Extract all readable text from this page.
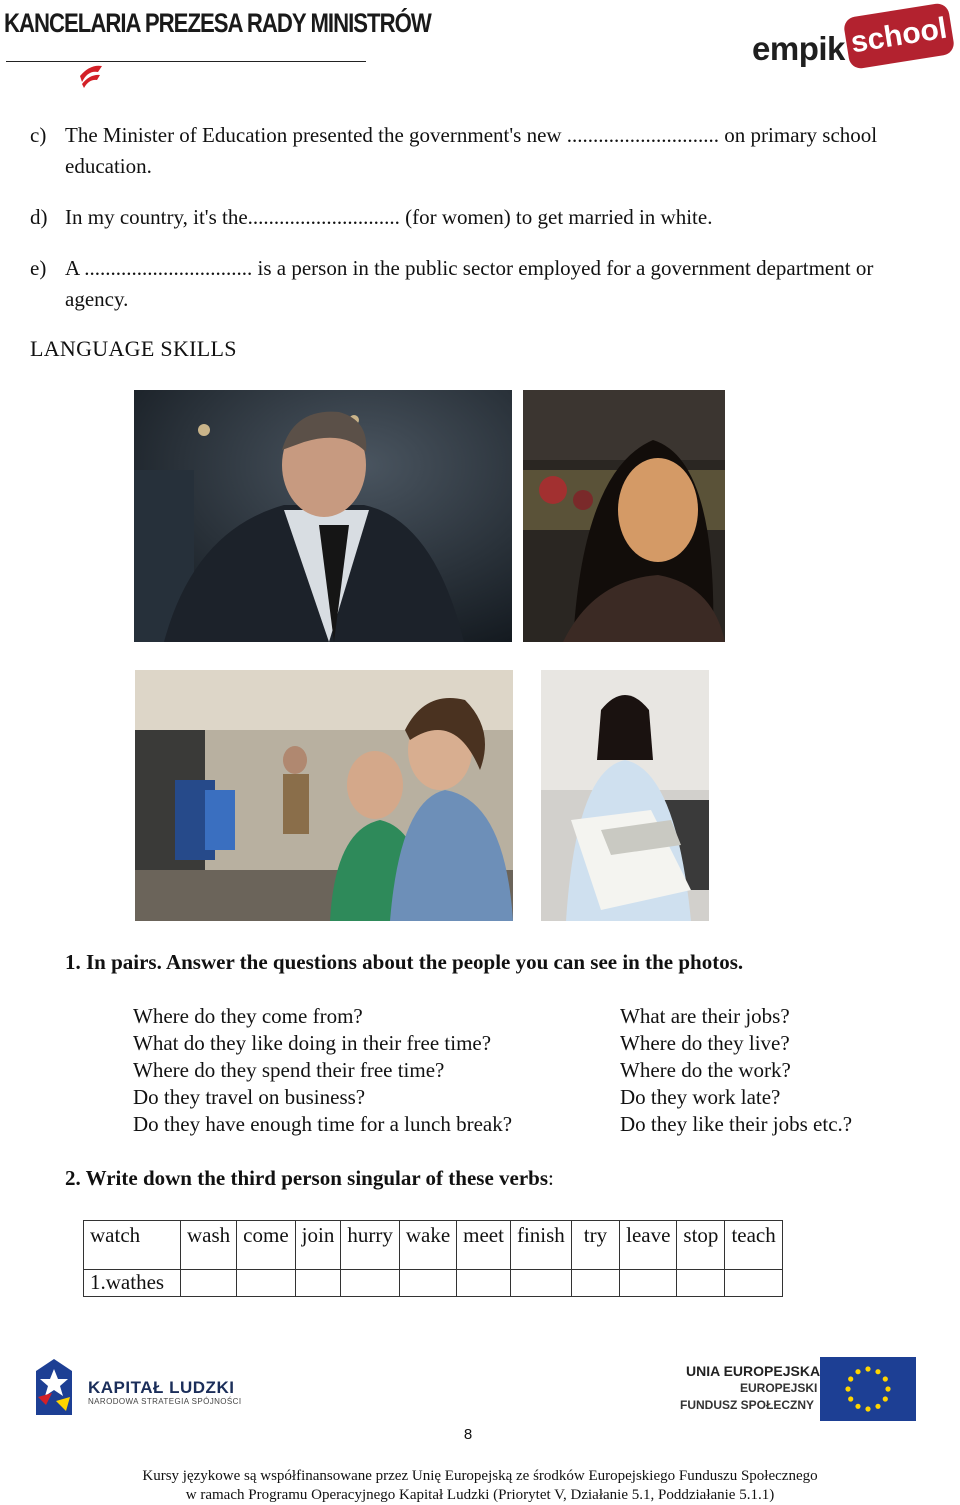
KANCELARIA PREZESA RADY MINISTRÓW
empik school
c) The Minister of Education presented the government's new ............................. on primary school education.
d) In my country, it's the............................. (for women) to get married in white.
e) A ................................ is a person in the public sector employed for a government department or agency.
LANGUAGE SKILLS
1. In pairs. Answer the questions about the people you can see in the photos.
Where do they come from?
What do they like doing in their free time?
Where do they spend their free time?
Do they travel on business?
Do they have enough time for a lunch break?
What are their jobs?
Where do they live?
Where do the work?
Do they work late?
Do they like their jobs etc.?
2. Write down the third person singular of these verbs:
watch	wash	come	join	hurry	wake	meet	finish	try	leave	stop	teach
1.wathes											
KAPITAŁ LUDZKI
NARODOWA STRATEGIA SPÓJNOŚCI
UNIA EUROPEJSKA
EUROPEJSKI
FUNDUSZ SPOŁECZNY
8
Kursy językowe są współfinansowane przez Unię Europejską ze środków Europejskiego Funduszu Społecznego
w ramach Programu Operacyjnego Kapitał Ludzki (Priorytet V, Działanie 5.1, Poddziałanie 5.1.1)
